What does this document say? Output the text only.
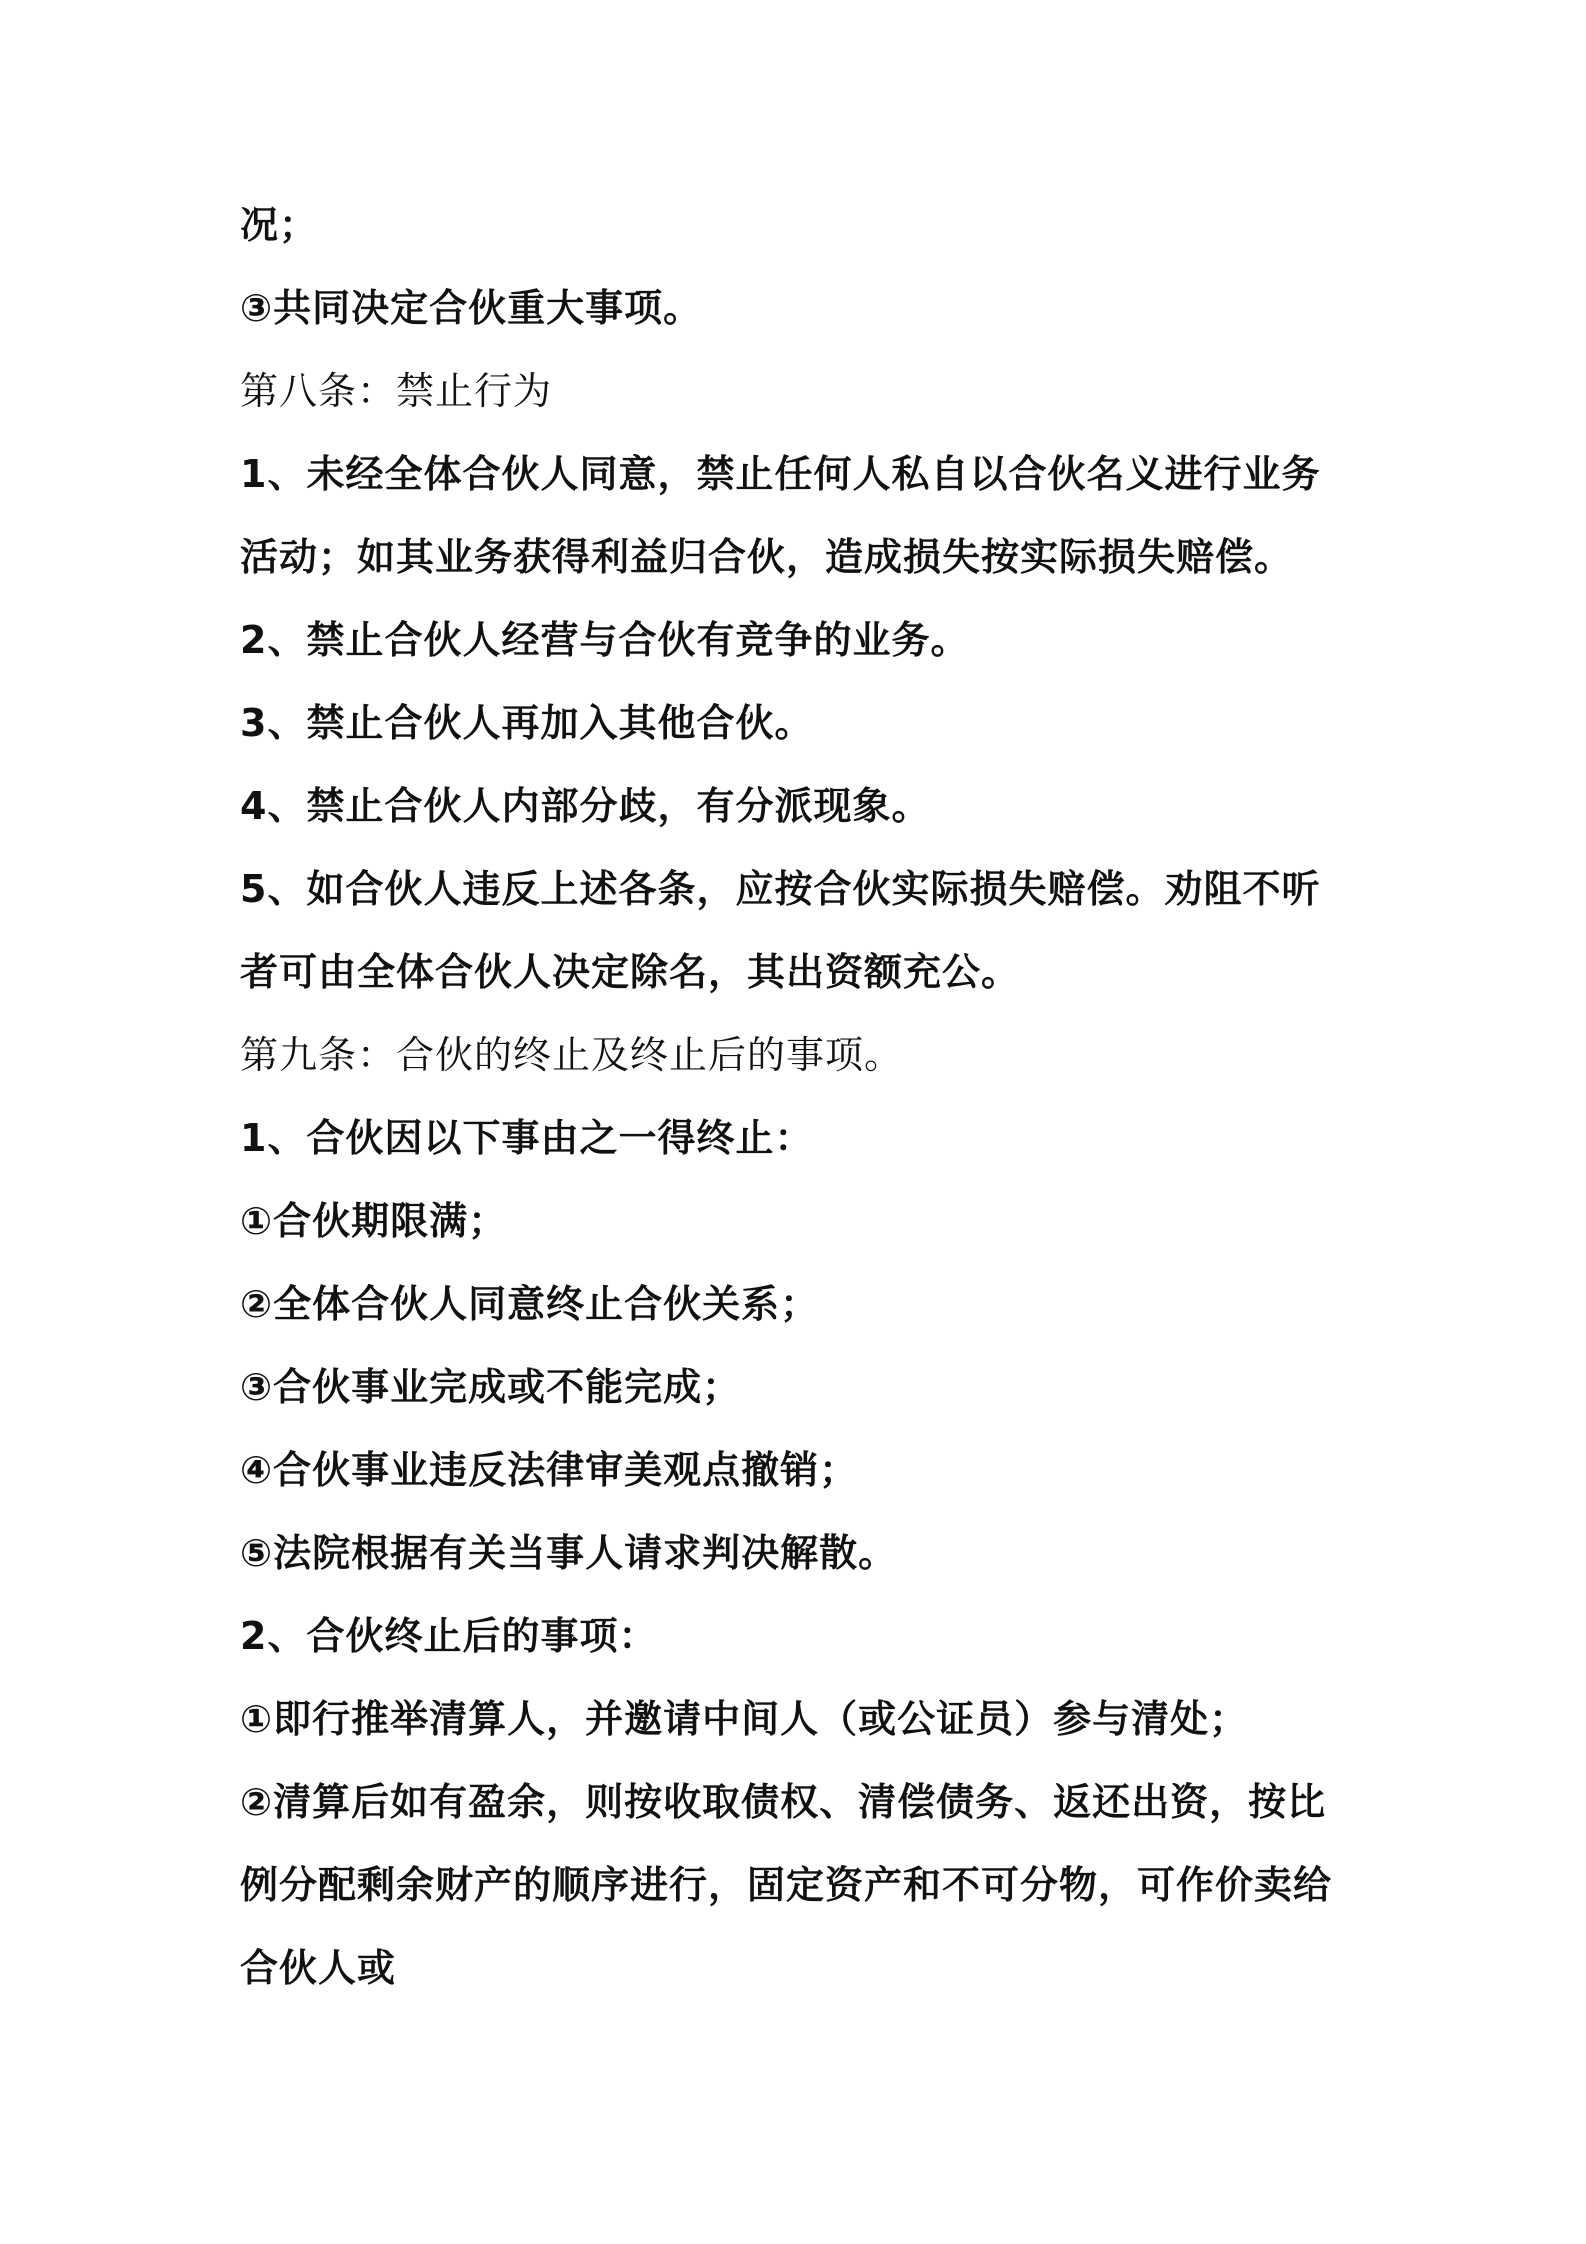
况；
③共同决定合伙重大事项。
第八条：禁止行为
1、未经全体合伙人同意，禁止任何人私自以合伙名义进行业务
活动；如其业务获得利益归合伙，造成损失按实际损失赔偿。
2、禁止合伙人经营与合伙有竞争的业务。
3、禁止合伙人再加入其他合伙。
4、禁止合伙人内部分歧，有分派现象。
5、如合伙人违反上述各条，应按合伙实际损失赔偿。劝阻不听
者可由全体合伙人决定除名，其出资额充公。
第九条：合伙的终止及终止后的事项。
1、合伙因以下事由之一得终止：
①合伙期限满；
②全体合伙人同意终止合伙关系；
③合伙事业完成或不能完成；
④合伙事业违反法律审美观点撤销；
⑤法院根据有关当事人请求判决解散。
2、合伙终止后的事项：
①即行推举清算人，并邀请中间人（或公证员）参与清处；
②清算后如有盈余，则按收取债权、清偿债务、返还出资，按比
例分配剩余财产的顺序进行，固定资产和不可分物，可作价卖给
合伙人或
